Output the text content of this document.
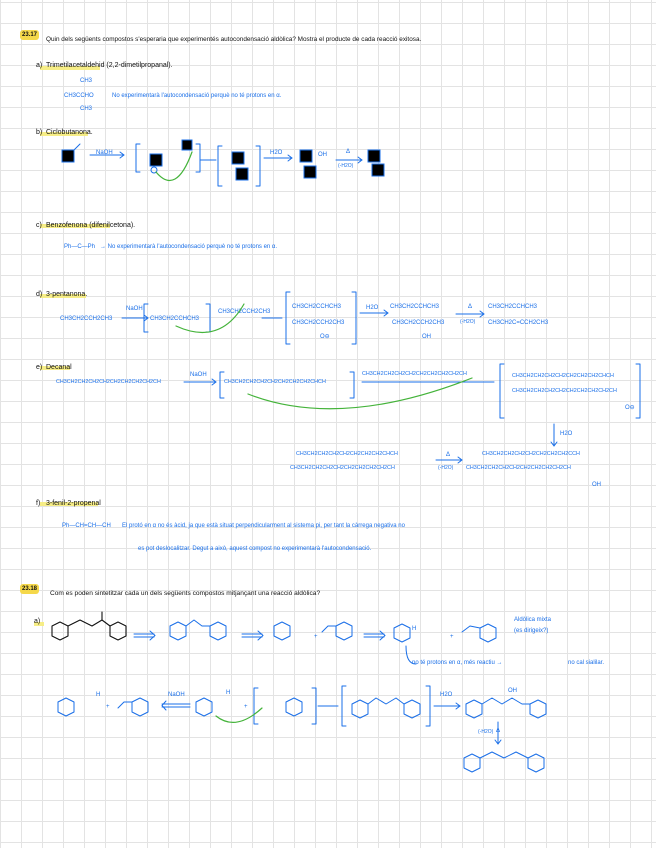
23.17
Quin dels següents compostos s'esperaria que experimentés autocondensació aldòlica? Mostra el producte de cada reacció exitosa.
a) Trimetilacetaldehid (2,2-dimetilpropanal).
CH3
CH3CCHO
CH3
No experimentarà l'autocondensació perquè no té protons en α.
b) Ciclobutanona.
NaOH	H2O	OH	Δ
(-H2O)
c) Benzofenona (difenilcetona).
Ph—C—Ph → No experimentarà l'autocondensació perquè no té protons en α.
d) 3-pentanona.
CH3CH2CCH2CH3
NaOH
CH3CH2CCHCH3
CH3CH2CCH2CH3
CH3CH2CCHCH3
CH3CH2CCH2CH3
O⊖
H2O CH3CH2CCHCH3
CH3CH2CCH2CH3
OH
Δ
(-H2O)
CH3CH2CCHCH3
CH3CH2C=CCH2CH3
e) Decanal
CH3CH2CH2CH2CH2CH2CH2CH2CH2CH
NaOH
CH3CH2CH2CH2CH2CH2CH2CH2CHCH
CH3CH2CH2CH2CH2CH2CH2CH2CH2CH	CH3CH2CH2CH2CH2CH2CH2CH2CHCH
CH3CH2CH2CH2CH2CH2CH2CH2CH2CH
O⊖
H2O
CH3CH2CH2CH2CH2CH2CH2CH2CHCH
CH3CH2CH2CH2CH2CH2CH2CH2CH2CH
Δ
(-H2O)
CH3CH2CH2CH2CH2CH2CH2CH2CCH
CH3CH2CH2CH2CH2CH2CH2CH2CH2CH
OH
f) 3-fenil-2-propenal
Ph—CH=CH—CH El protó en α no és àcid, ja que està situat perpendicularment al sistema pi, per tant la càrrega negativa no
es pot deslocalitzar. Degut a això, aquest compost no experimentarà l'autocondensació.
23.18
Com es poden sintetitzar cada un dels següents compostos mitjançant una reacció aldòlica?
a)	Aldòlica mixta
(es dirigeix?)
no té protons en α, més reactiu →	no cal sialilar.
H
+	+
H
+
NaOH	H
+
H2O
OH
(-H2O) Δ
